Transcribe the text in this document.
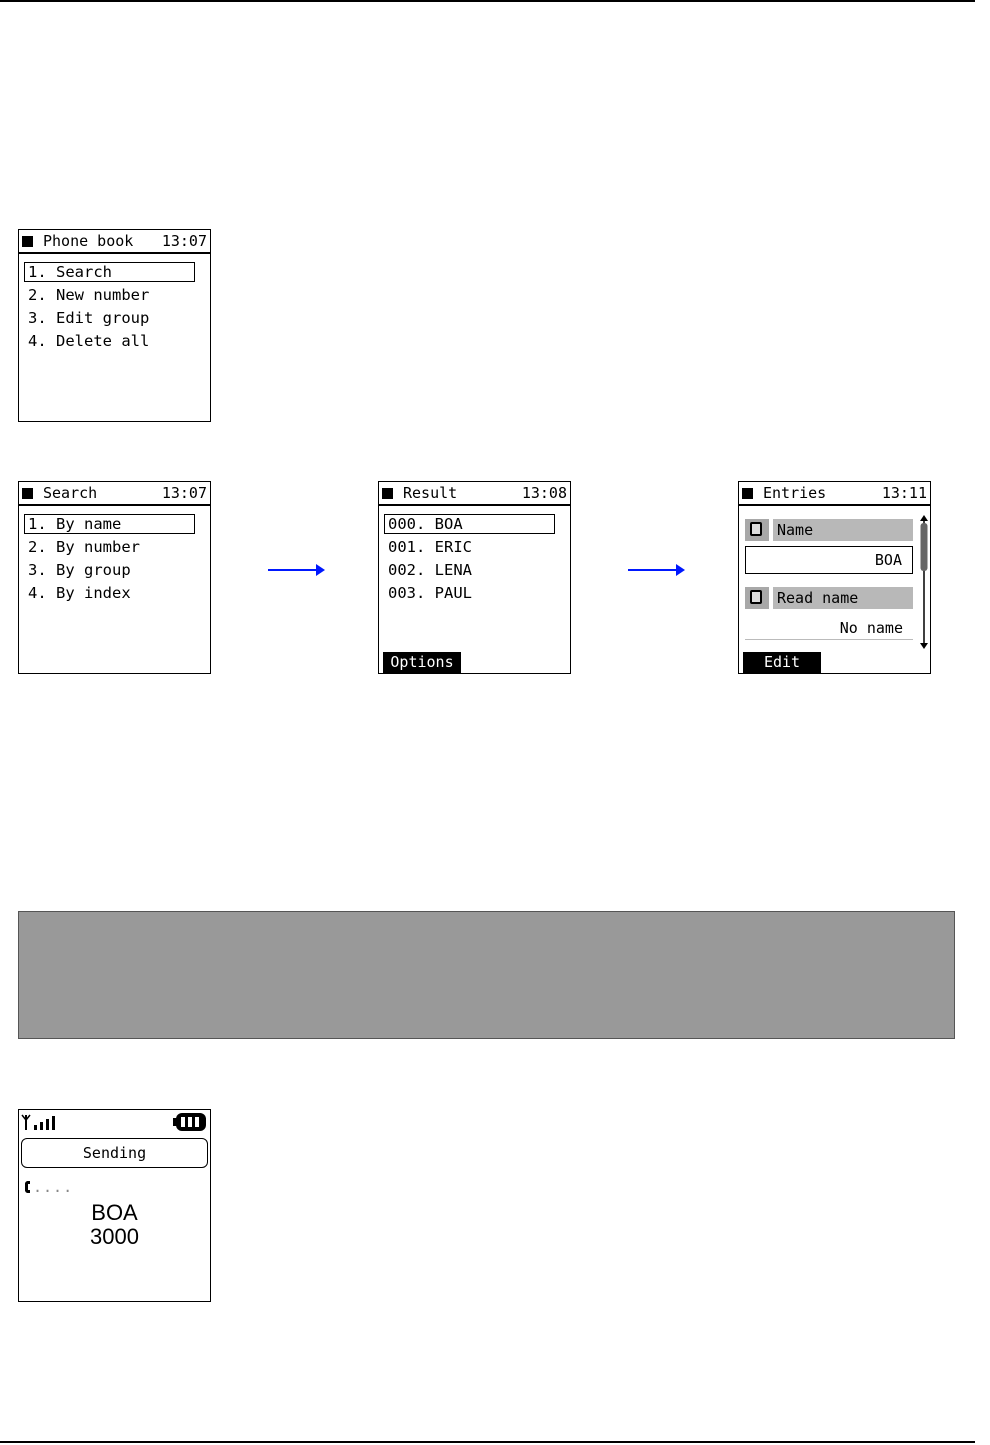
Phone book 13:07
1. Search
2. New number
3. Edit group
4. Delete all
Search	13:07
1. By name
2. By number
3. By group
4. By index
Result	13:08
000. BOA
001. ERIC
002. LENA
003. PAUL
Options
Entries	13:11
Name
BOA
Read name
No name
Edit
Sending
....
BOA
3000
